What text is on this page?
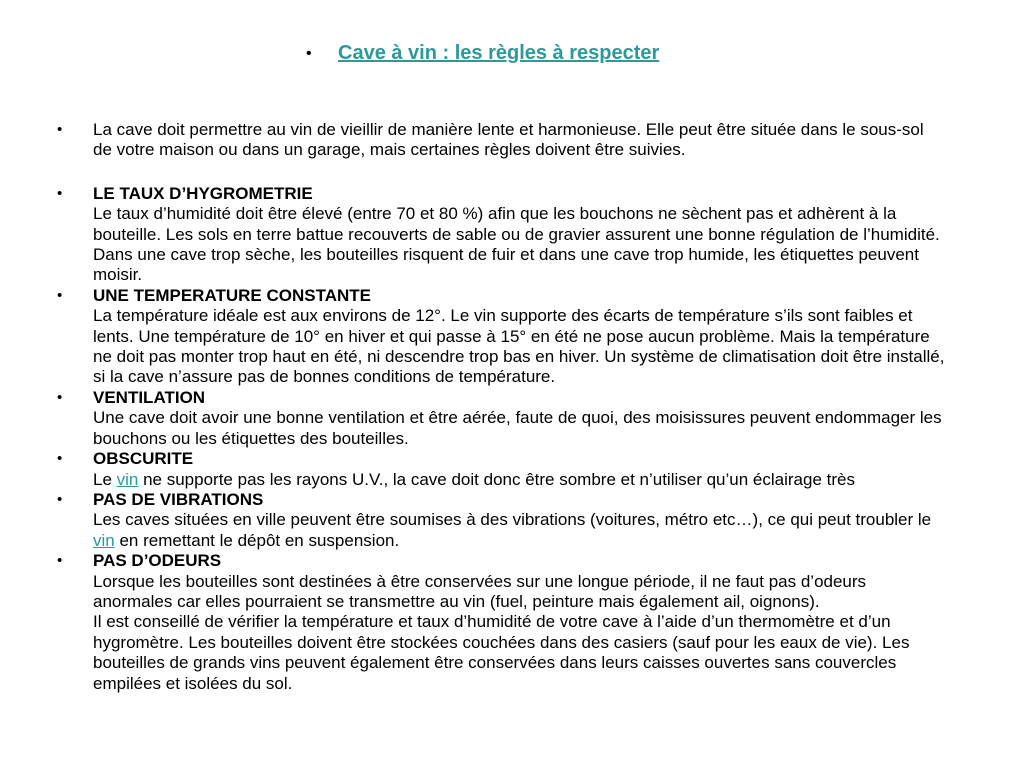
• Cave à vin : les règles à respecter
• La cave doit permettre au vin de vieillir de manière lente et harmonieuse. Elle peut être située dans le sous-sol de votre maison ou dans un garage, mais certaines règles doivent être suivies.
• LE TAUX D’HYGROMETRIE
Le taux d’humidité doit être élevé (entre 70 et 80 %) afin que les bouchons ne sèchent pas et adhèrent à la bouteille. Les sols en terre battue recouverts de sable ou de gravier assurent une bonne régulation de l’humidité. Dans une cave trop sèche, les bouteilles risquent de fuir et dans une cave trop humide, les étiquettes peuvent moisir.
• UNE TEMPERATURE CONSTANTE
La température idéale est aux environs de 12°. Le vin supporte des écarts de température s’ils sont faibles et lents. Une température de 10° en hiver et qui passe à 15° en été ne pose aucun problème. Mais la température ne doit pas monter trop haut en été, ni descendre trop bas en hiver. Un système de climatisation doit être installé, si la cave n’assure pas de bonnes conditions de température.
• VENTILATION
Une cave doit avoir une bonne ventilation et être aérée, faute de quoi, des moisissures peuvent endommager les bouchons ou les étiquettes des bouteilles.
• OBSCURITE
Le vin ne supporte pas les rayons U.V., la cave doit donc être sombre et n’utiliser qu’un éclairage très
• PAS DE VIBRATIONS
Les caves situées en ville peuvent être soumises à des vibrations (voitures, métro etc…), ce qui peut troubler le vin en remettant le dépôt en suspension.
• PAS D’ODEURS
Lorsque les bouteilles sont destinées à être conservées sur une longue période, il ne faut pas d’odeurs anormales car elles pourraient se transmettre au vin (fuel, peinture mais également ail, oignons).
Il est conseillé de vérifier la température et taux d’humidité de votre cave à l’aide d’un thermomètre et d’un hygromètre. Les bouteilles doivent être stockées couchées dans des casiers (sauf pour les eaux de vie). Les bouteilles de grands vins peuvent également être conservées dans leurs caisses ouvertes sans couvercles empilées et isolées du sol.
